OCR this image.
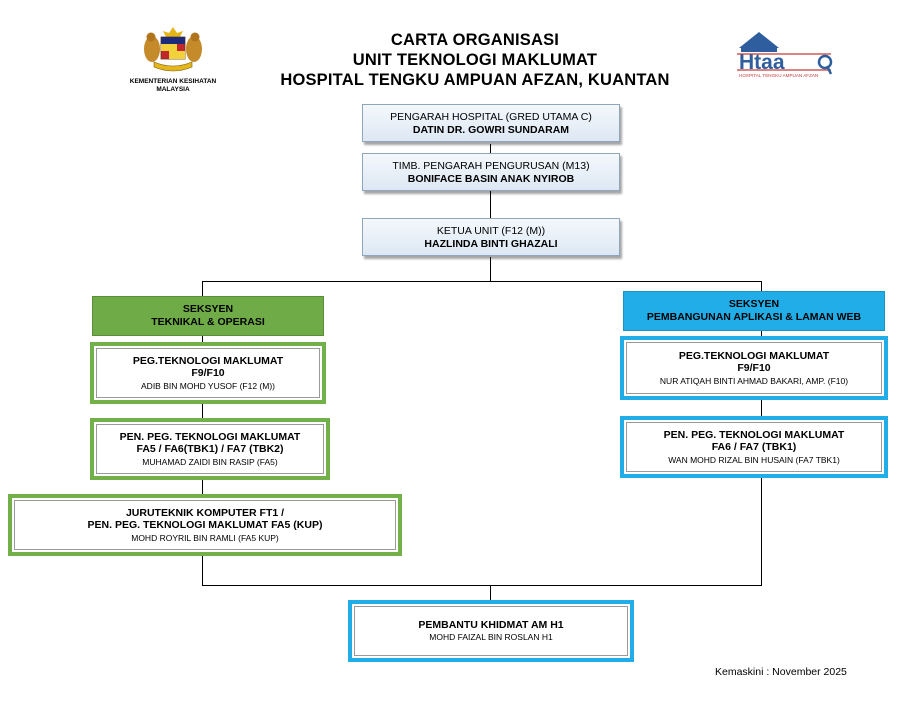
KEMENTERIAN KESIHATAN
MALAYSIA
CARTA ORGANISASI
UNIT TEKNOLOGI MAKLUMAT
HOSPITAL TENGKU AMPUAN AFZAN, KUANTAN
Htaa
HOSPITAL TENGKU AMPUAN AFZAN
PENGARAH HOSPITAL (GRED UTAMA C)
DATIN DR. GOWRI SUNDARAM
TIMB. PENGARAH PENGURUSAN (M13)
BONIFACE BASIN ANAK NYIROB
KETUA UNIT (F12 (M))
HAZLINDA BINTI GHAZALI
SEKSYEN
TEKNIKAL & OPERASI
SEKSYEN
PEMBANGUNAN APLIKASI & LAMAN WEB
PEG.TEKNOLOGI MAKLUMAT
F9/F10
ADIB BIN MOHD YUSOF (F12 (M))
PEN. PEG. TEKNOLOGI MAKLUMAT
FA5 / FA6(TBK1) / FA7 (TBK2)
MUHAMAD ZAIDI BIN RASIP (FA5)
JURUTEKNIK KOMPUTER FT1 /
PEN. PEG. TEKNOLOGI MAKLUMAT FA5 (KUP)
MOHD ROYRIL BIN RAMLI (FA5 KUP)
PEG.TEKNOLOGI MAKLUMAT
F9/F10
NUR ATIQAH BINTI AHMAD BAKARI, AMP. (F10)
PEN. PEG. TEKNOLOGI MAKLUMAT
FA6 / FA7 (TBK1)
WAN MOHD RIZAL BIN HUSAIN (FA7 TBK1)
PEMBANTU KHIDMAT AM H1
MOHD FAIZAL BIN ROSLAN H1
Kemaskini : November 2025
